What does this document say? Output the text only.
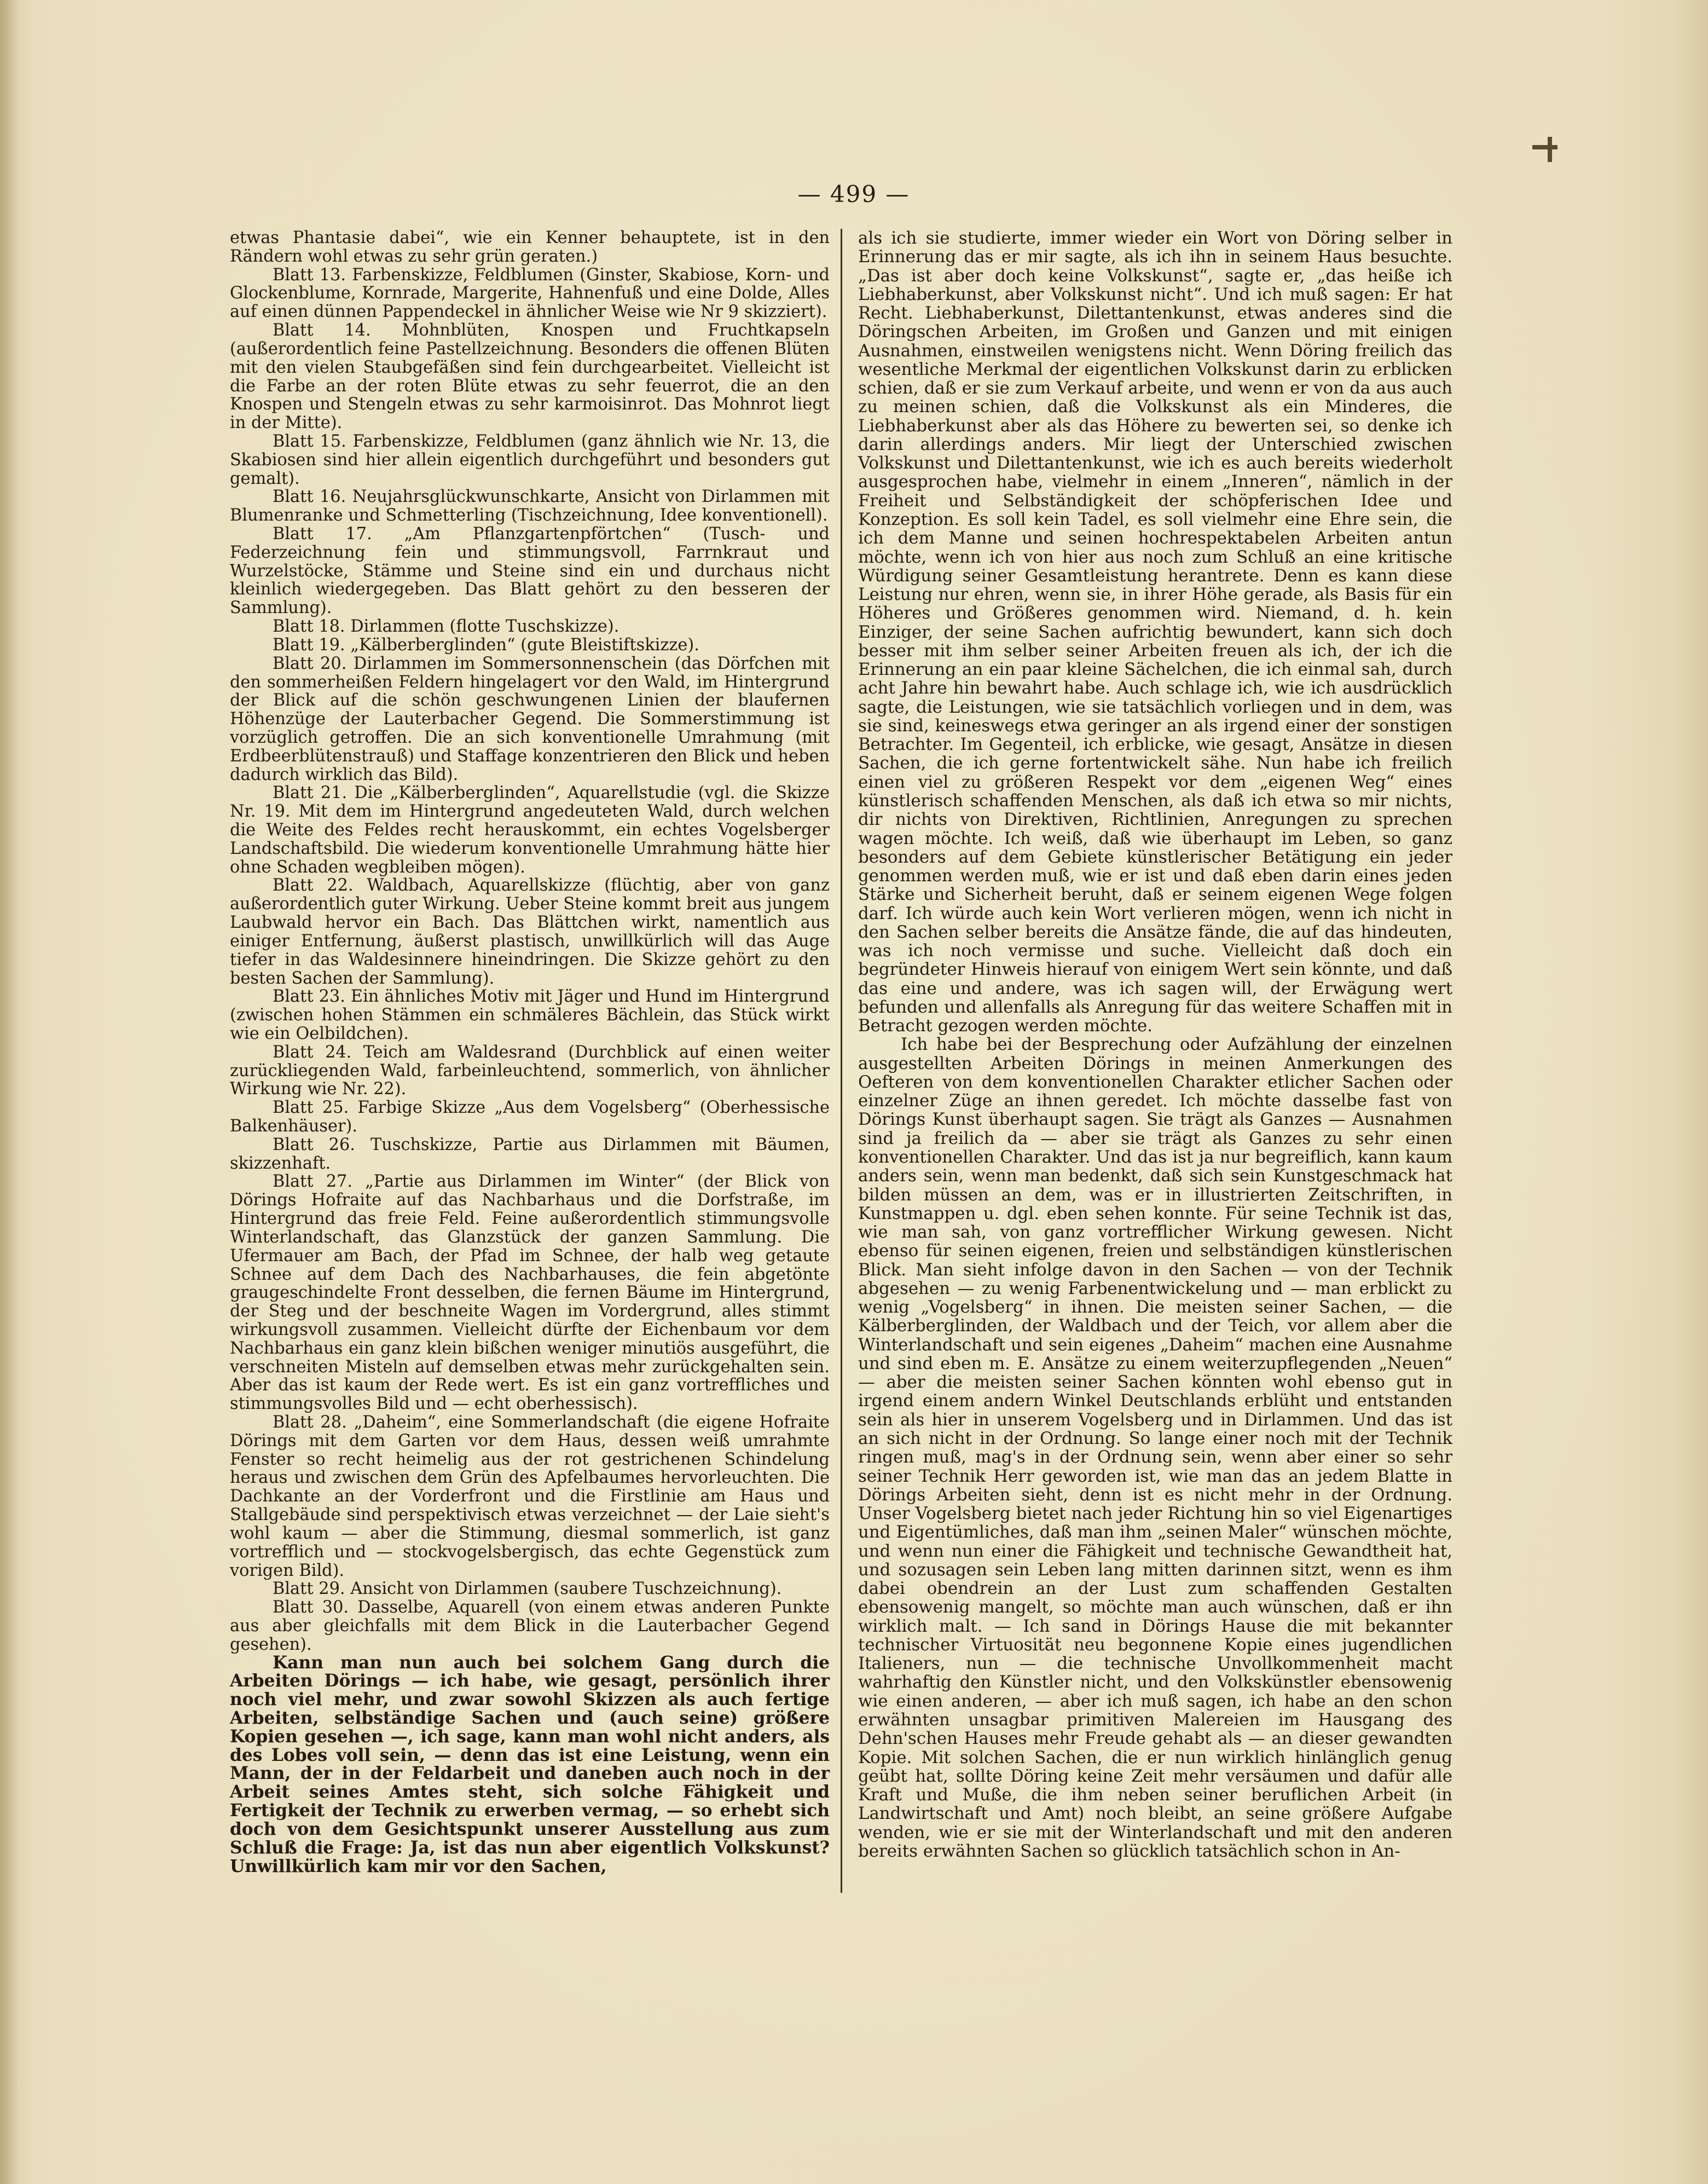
— 499 —

etwas Phantasie dabei“, wie ein Kenner behauptete, ist in den Rändern wohl etwas zu sehr grün geraten.)

Blatt 13. Farbenskizze, Feldblumen (Ginster, Skabiose, Korn- und Glockenblume, Kornrade, Margerite, Hahnenfuß und eine Dolde, Alles auf einen dünnen Pappendeckel in ähnlicher Weise wie Nr 9 skizziert).

Blatt 14. Mohnblüten, Knospen und Fruchtkapseln (außerordentlich feine Pastellzeichnung. Besonders die offenen Blüten mit den vielen Staubgefäßen sind fein durchgearbeitet. Vielleicht ist die Farbe an der roten Blüte etwas zu sehr feuerrot, die an den Knospen und Stengeln etwas zu sehr karmoisinrot. Das Mohnrot liegt in der Mitte).

Blatt 15. Farbenskizze, Feldblumen (ganz ähnlich wie Nr. 13, die Skabiosen sind hier allein eigentlich durchgeführt und besonders gut gemalt).

Blatt 16. Neujahrsglückwunschkarte, Ansicht von Dirlammen mit Blumenranke und Schmetterling (Tischzeichnung, Idee konventionell).

Blatt 17. „Am Pflanzgartenpförtchen“ (Tusch- und Federzeichnung fein und stimmungsvoll, Farrnkraut und Wurzelstöcke, Stämme und Steine sind ein und durchaus nicht kleinlich wiedergegeben. Das Blatt gehört zu den besseren der Sammlung).

Blatt 18. Dirlammen (flotte Tuschskizze).

Blatt 19. „Kälberberglinden“ (gute Bleistiftskizze).

Blatt 20. Dirlammen im Sommersonnenschein (das Dörfchen mit den sommerheißen Feldern hingelagert vor den Wald, im Hintergrund der Blick auf die schön geschwungenen Linien der blaufernen Höhenzüge der Lauterbacher Gegend. Die Sommerstimmung ist vorzüglich getroffen. Die an sich konventionelle Umrahmung (mit Erdbeerblütenstrauß) und Staffage konzentrieren den Blick und heben dadurch wirklich das Bild).

Blatt 21. Die „Kälberberglinden“, Aquarellstudie (vgl. die Skizze Nr. 19. Mit dem im Hintergrund angedeuteten Wald, durch welchen die Weite des Feldes recht herauskommt, ein echtes Vogelsberger Landschaftsbild. Die wiederum konventionelle Umrahmung hätte hier ohne Schaden wegbleiben mögen).

Blatt 22. Waldbach, Aquarellskizze (flüchtig, aber von ganz außerordentlich guter Wirkung. Ueber Steine kommt breit aus jungem Laubwald hervor ein Bach. Das Blättchen wirkt, namentlich aus einiger Entfernung, äußerst plastisch, unwillkürlich will das Auge tiefer in das Waldesinnere hineindringen. Die Skizze gehört zu den besten Sachen der Sammlung).

Blatt 23. Ein ähnliches Motiv mit Jäger und Hund im Hintergrund (zwischen hohen Stämmen ein schmäleres Bächlein, das Stück wirkt wie ein Oelbildchen).

Blatt 24. Teich am Waldesrand (Durchblick auf einen weiter zurückliegenden Wald, farbeinleuchtend, sommerlich, von ähnlicher Wirkung wie Nr. 22).

Blatt 25. Farbige Skizze „Aus dem Vogelsberg“ (Oberhessische Balkenhäuser).

Blatt 26. Tuschskizze, Partie aus Dirlammen mit Bäumen, skizzenhaft.

Blatt 27. „Partie aus Dirlammen im Winter“ (der Blick von Dörings Hofraite auf das Nachbarhaus und die Dorfstraße, im Hintergrund das freie Feld. Feine außerordentlich stimmungsvolle Winterlandschaft, das Glanzstück der ganzen Sammlung. Die Ufermauer am Bach, der Pfad im Schnee, der halb weg getaute Schnee auf dem Dach des Nachbarhauses, die fein abgetönte graugeschindelte Front desselben, die fernen Bäume im Hintergrund, der Steg und der beschneite Wagen im Vordergrund, alles stimmt wirkungsvoll zusammen. Vielleicht dürfte der Eichenbaum vor dem Nachbarhaus ein ganz klein bißchen weniger minutiös ausgeführt, die verschneiten Misteln auf demselben etwas mehr zurückgehalten sein. Aber das ist kaum der Rede wert. Es ist ein ganz vortreffliches und stimmungsvolles Bild und — echt oberhessisch).

Blatt 28. „Daheim“, eine Sommerlandschaft (die eigene Hofraite Dörings mit dem Garten vor dem Haus, dessen weiß umrahmte Fenster so recht heimelig aus der rot gestrichenen Schindelung heraus und zwischen dem Grün des Apfelbaumes hervorleuchten. Die Dachkante an der Vorderfront und die Firstlinie am Haus und Stallgebäude sind perspektivisch etwas verzeichnet — der Laie sieht's wohl kaum — aber die Stimmung, diesmal sommerlich, ist ganz vortrefflich und — stockvogelsbergisch, das echte Gegenstück zum vorigen Bild).

Blatt 29. Ansicht von Dirlammen (saubere Tuschzeichnung).

Blatt 30. Dasselbe, Aquarell (von einem etwas anderen Punkte aus aber gleichfalls mit dem Blick in die Lauterbacher Gegend gesehen).

Kann man nun auch bei solchem Gang durch die Arbeiten Dörings — ich habe, wie gesagt, persönlich ihrer noch viel mehr, und zwar sowohl Skizzen als auch fertige Arbeiten, selbständige Sachen und (auch seine) größere Kopien gesehen —, ich sage, kann man wohl nicht anders, als des Lobes voll sein, — denn das ist eine Leistung, wenn ein Mann, der in der Feldarbeit und daneben auch noch in der Arbeit seines Amtes steht, sich solche Fähigkeit und Fertigkeit der Technik zu erwerben vermag, — so erhebt sich doch von dem Gesichtspunkt unserer Ausstellung aus zum Schluß die Frage: Ja, ist das nun aber eigentlich Volkskunst? Unwillkürlich kam mir vor den Sachen,

als ich sie studierte, immer wieder ein Wort von Döring selber in Erinnerung das er mir sagte, als ich ihn in seinem Haus besuchte. „Das ist aber doch keine Volkskunst“, sagte er, „das heiße ich Liebhaberkunst, aber Volkskunst nicht“. Und ich muß sagen: Er hat Recht. Liebhaberkunst, Dilettantenkunst, etwas anderes sind die Döringschen Arbeiten, im Großen und Ganzen und mit einigen Ausnahmen, einstweilen wenigstens nicht. Wenn Döring freilich das wesentliche Merkmal der eigentlichen Volkskunst darin zu erblicken schien, daß er sie zum Verkauf arbeite, und wenn er von da aus auch zu meinen schien, daß die Volkskunst als ein Minderes, die Liebhaberkunst aber als das Höhere zu bewerten sei, so denke ich darin allerdings anders. Mir liegt der Unterschied zwischen Volkskunst und Dilettantenkunst, wie ich es auch bereits wiederholt ausgesprochen habe, vielmehr in einem „Inneren“, nämlich in der Freiheit und Selbständigkeit der schöpferischen Idee und Konzeption. Es soll kein Tadel, es soll vielmehr eine Ehre sein, die ich dem Manne und seinen hochrespektabelen Arbeiten antun möchte, wenn ich von hier aus noch zum Schluß an eine kritische Würdigung seiner Gesamtleistung herantrete. Denn es kann diese Leistung nur ehren, wenn sie, in ihrer Höhe gerade, als Basis für ein Höheres und Größeres genommen wird. Niemand, d. h. kein Einziger, der seine Sachen aufrichtig bewundert, kann sich doch besser mit ihm selber seiner Arbeiten freuen als ich, der ich die Erinnerung an ein paar kleine Sächelchen, die ich einmal sah, durch acht Jahre hin bewahrt habe. Auch schlage ich, wie ich ausdrücklich sagte, die Leistungen, wie sie tatsächlich vorliegen und in dem, was sie sind, keineswegs etwa geringer an als irgend einer der sonstigen Betrachter. Im Gegenteil, ich erblicke, wie gesagt, Ansätze in diesen Sachen, die ich gerne fortentwickelt sähe. Nun habe ich freilich einen viel zu größeren Respekt vor dem „eigenen Weg“ eines künstlerisch schaffenden Menschen, als daß ich etwa so mir nichts, dir nichts von Direktiven, Richtlinien, Anregungen zu sprechen wagen möchte. Ich weiß, daß wie überhaupt im Leben, so ganz besonders auf dem Gebiete künstlerischer Betätigung ein jeder genommen werden muß, wie er ist und daß eben darin eines jeden Stärke und Sicherheit beruht, daß er seinem eigenen Wege folgen darf. Ich würde auch kein Wort verlieren mögen, wenn ich nicht in den Sachen selber bereits die Ansätze fände, die auf das hindeuten, was ich noch vermisse und suche. Vielleicht daß doch ein begründeter Hinweis hierauf von einigem Wert sein könnte, und daß das eine und andere, was ich sagen will, der Erwägung wert befunden und allenfalls als Anregung für das weitere Schaffen mit in Betracht gezogen werden möchte.

Ich habe bei der Besprechung oder Aufzählung der einzelnen ausgestellten Arbeiten Dörings in meinen Anmerkungen des Oefteren von dem konventionellen Charakter etlicher Sachen oder einzelner Züge an ihnen geredet. Ich möchte dasselbe fast von Dörings Kunst überhaupt sagen. Sie trägt als Ganzes — Ausnahmen sind ja freilich da — aber sie trägt als Ganzes zu sehr einen konventionellen Charakter. Und das ist ja nur begreiflich, kann kaum anders sein, wenn man bedenkt, daß sich sein Kunstgeschmack hat bilden müssen an dem, was er in illustrierten Zeitschriften, in Kunstmappen u. dgl. eben sehen konnte. Für seine Technik ist das, wie man sah, von ganz vortrefflicher Wirkung gewesen. Nicht ebenso für seinen eigenen, freien und selbständigen künstlerischen Blick. Man sieht infolge davon in den Sachen — von der Technik abgesehen — zu wenig Farbenentwickelung und — man erblickt zu wenig „Vogelsberg“ in ihnen. Die meisten seiner Sachen, — die Kälberberglinden, der Waldbach und der Teich, vor allem aber die Winterlandschaft und sein eigenes „Daheim“ machen eine Ausnahme und sind eben m. E. Ansätze zu einem weiterzupflegenden „Neuen“ — aber die meisten seiner Sachen könnten wohl ebenso gut in irgend einem andern Winkel Deutschlands erblüht und entstanden sein als hier in unserem Vogelsberg und in Dirlammen. Und das ist an sich nicht in der Ordnung. So lange einer noch mit der Technik ringen muß, mag's in der Ordnung sein, wenn aber einer so sehr seiner Technik Herr geworden ist, wie man das an jedem Blatte in Dörings Arbeiten sieht, denn ist es nicht mehr in der Ordnung. Unser Vogelsberg bietet nach jeder Richtung hin so viel Eigenartiges und Eigentümliches, daß man ihm „seinen Maler“ wünschen möchte, und wenn nun einer die Fähigkeit und technische Gewandtheit hat, und sozusagen sein Leben lang mitten darinnen sitzt, wenn es ihm dabei obendrein an der Lust zum schaffenden Gestalten ebensowenig mangelt, so möchte man auch wünschen, daß er ihn wirklich malt. — Ich sand in Dörings Hause die mit bekannter technischer Virtuosität neu begonnene Kopie eines jugendlichen Italieners, nun — die technische Unvollkommenheit macht wahrhaftig den Künstler nicht, und den Volkskünstler ebensowenig wie einen anderen, — aber ich muß sagen, ich habe an den schon erwähnten unsagbar primitiven Malereien im Hausgang des Dehn'schen Hauses mehr Freude gehabt als — an dieser gewandten Kopie. Mit solchen Sachen, die er nun wirklich hinlänglich genug geübt hat, sollte Döring keine Zeit mehr versäumen und dafür alle Kraft und Muße, die ihm neben seiner beruflichen Arbeit (in Landwirtschaft und Amt) noch bleibt, an seine größere Aufgabe wenden, wie er sie mit der Winterlandschaft und mit den anderen bereits erwähnten Sachen so glücklich tatsächlich schon in An-
